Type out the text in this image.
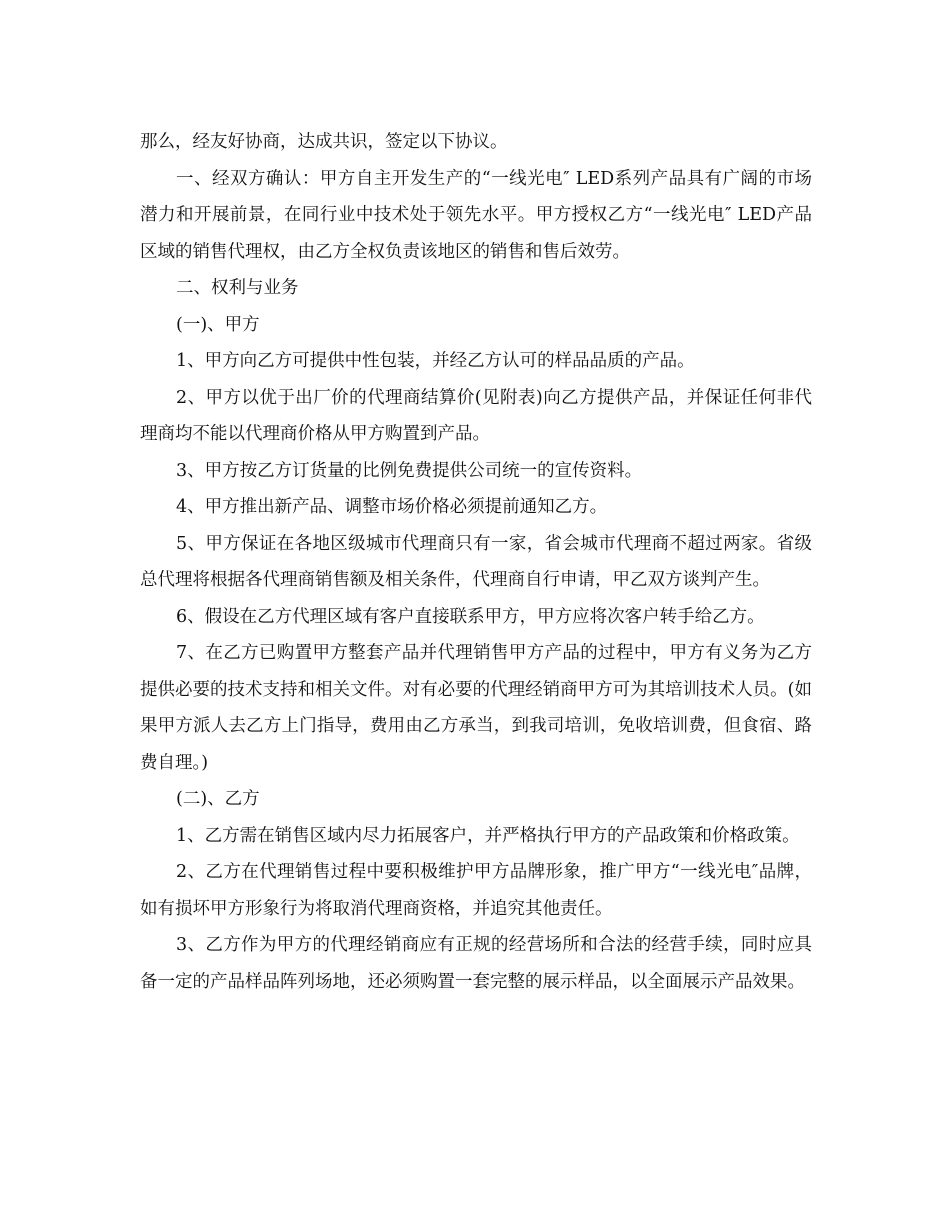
那么，经友好协商，达成共识，签定以下协议。

一、经双方确认：甲方自主开发生产的“一线光电″ LED系列产品具有广阔的市场潜力和开展前景，在同行业中技术处于领先水平。甲方授权乙方“一线光电″ LED产品 区域的销售代理权，由乙方全权负责该地区的销售和售后效劳。

二、权利与业务

(一)、甲方

1、甲方向乙方可提供中性包装，并经乙方认可的样品品质的产品。

2、甲方以优于出厂价的代理商结算价(见附表)向乙方提供产品，并保证任何非代理商均不能以代理商价格从甲方购置到产品。

3、甲方按乙方订货量的比例免费提供公司统一的宣传资料。

4、甲方推出新产品、调整市场价格必须提前通知乙方。

5、甲方保证在各地区级城市代理商只有一家，省会城市代理商不超过两家。省级总代理将根据各代理商销售额及相关条件，代理商自行申请，甲乙双方谈判产生。

6、假设在乙方代理区域有客户直接联系甲方，甲方应将次客户转手给乙方。

7、在乙方已购置甲方整套产品并代理销售甲方产品的过程中，甲方有义务为乙方提供必要的技术支持和相关文件。对有必要的代理经销商甲方可为其培训技术人员。(如果甲方派人去乙方上门指导，费用由乙方承当，到我司培训，免收培训费，但食宿、路费自理。)

(二)、乙方

1、乙方需在销售区域内尽力拓展客户，并严格执行甲方的产品政策和价格政策。

2、乙方在代理销售过程中要积极维护甲方品牌形象，推广甲方“一线光电″品牌，如有损坏甲方形象行为将取消代理商资格，并追究其他责任。

3、乙方作为甲方的代理经销商应有正规的经营场所和合法的经营手续，同时应具备一定的产品样品阵列场地，还必须购置一套完整的展示样品，以全面展示产品效果。
